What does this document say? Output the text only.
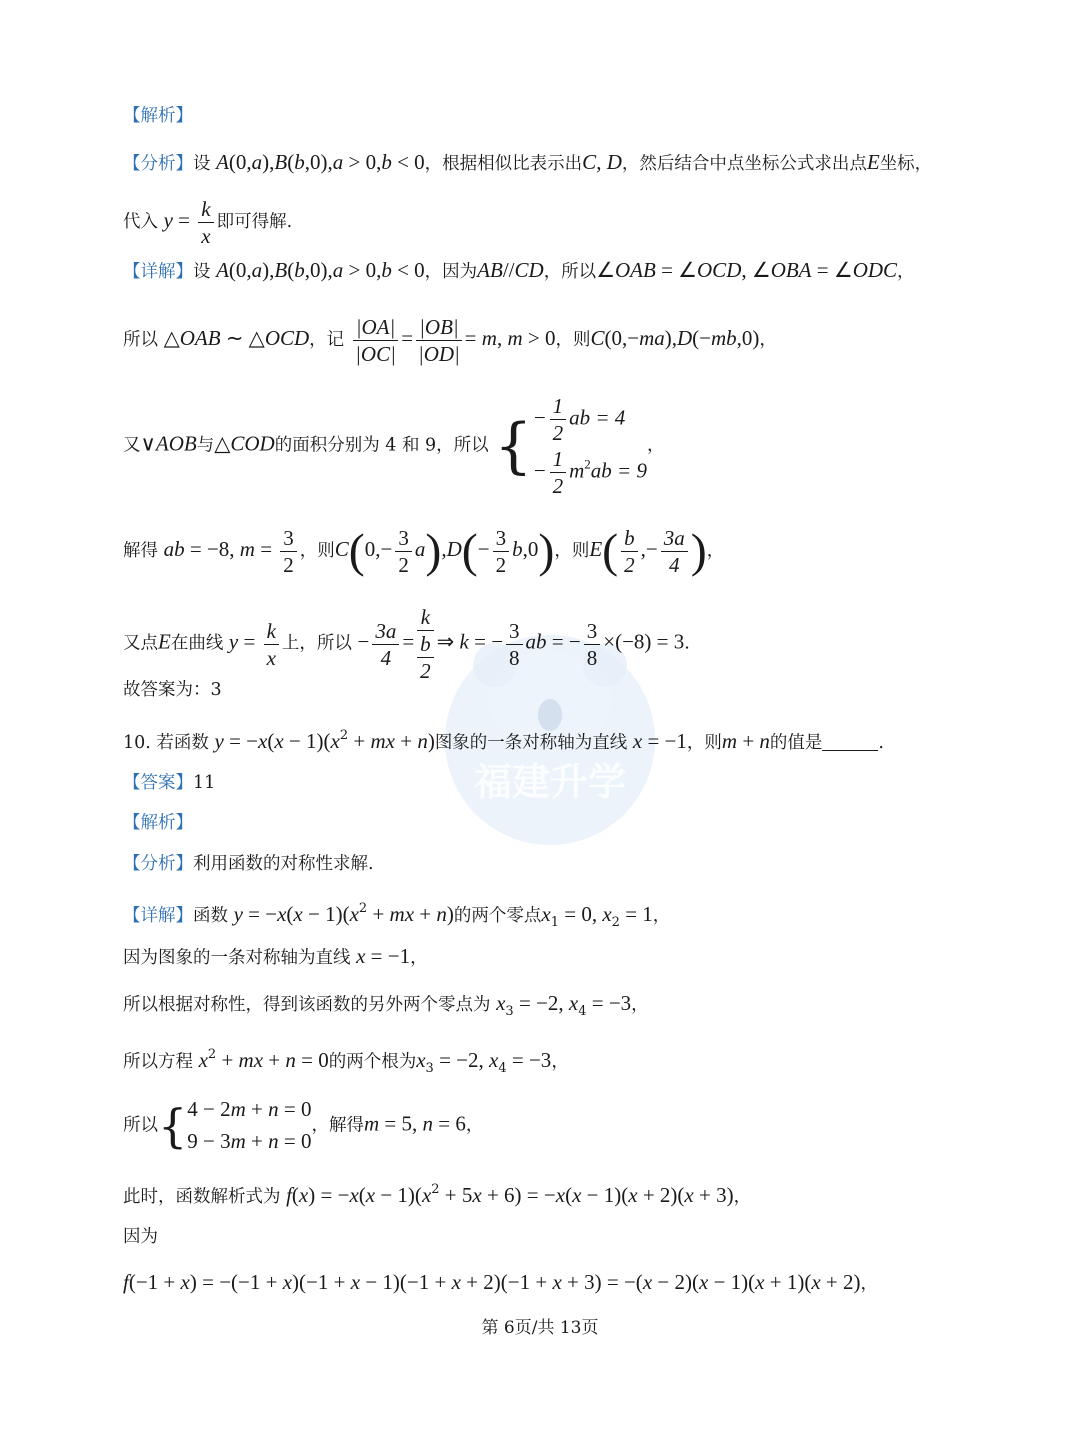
福建升学
【解析】
【分析】设 A(0,a),B(b,0),a > 0,b < 0，根据相似比表示出C, D，然后结合中点坐标公式求出点E坐标，
代入 $y = \frac{k}{x}$ 即可得解.
【详解】设 A(0,a),B(b,0),a > 0,b < 0，因为AB//CD，所以∠OAB = ∠OCD, ∠OBA = ∠ODC，
所以 △OAB ∼ △OCD，记 $\frac{|OA|}{|OC|} = \frac{|OB|}{|OD|} = m$, m > 0，则C(0,−ma),D(−mb,0)，
又∨AOB与△COD的面积分别为 4 和 9，所以 { − $\frac{1}{2}$ ab = 4
− $\frac{1}{2} m^2ab = 9$
，
解得 ab = −8, $m = \frac{3}{2}$ ，则$C(0,- \frac{3}{2} a),D(- \frac{3}{2} b,0)$，则$E( \frac{b}{2}$ ,− $\frac{3a}{4}$ )，
又点E在曲线 $y = \frac{k}{x}$ 上，所以 − $\frac{3a}{4} = \frac{k}{\frac{b}{2}}$ ⇒ k = − $\frac{3}{8}$ ab = − $\frac{3}{8} \times(-8) = 3$.
故答案为：3
10. 若函数 $y = -x(x - 1)(x^2$ + mx + n)图象的一条对称轴为直线 x = −1，则m + n的值是	.
【答案】11
【解析】
【分析】利用函数的对称性求解.
【详解】函数 $y = -x(x - 1)(x^2$ + mx + n)的两个零点$x_1 = 0$, $x_2 = 1$，
因为图象的一条对称轴为直线 x = −1，
所以根据对称性，得到该函数的另外两个零点为 $x_3 = -2$, $x_4 = -3$，
所以方程 $x^2$ + mx + n = 0的两个根为$x_3 = -2$, $x_4 = -3$，
所以{ 4 − 2m + n = 0
9 − 3m + n = 0
，解得m = 5, n = 6，
此时，函数解析式为 $f(x) = -x(x - 1)(x^2 + 5x + 6) = -x(x - 1)(x + 2)(x + 3)$，
因为
f(−1 + x) = −(−1 + x)(−1 + x − 1)(−1 + x + 2)(−1 + x + 3) = −(x − 2)(x − 1)(x + 1)(x + 2)，
第 6页/共 13页
